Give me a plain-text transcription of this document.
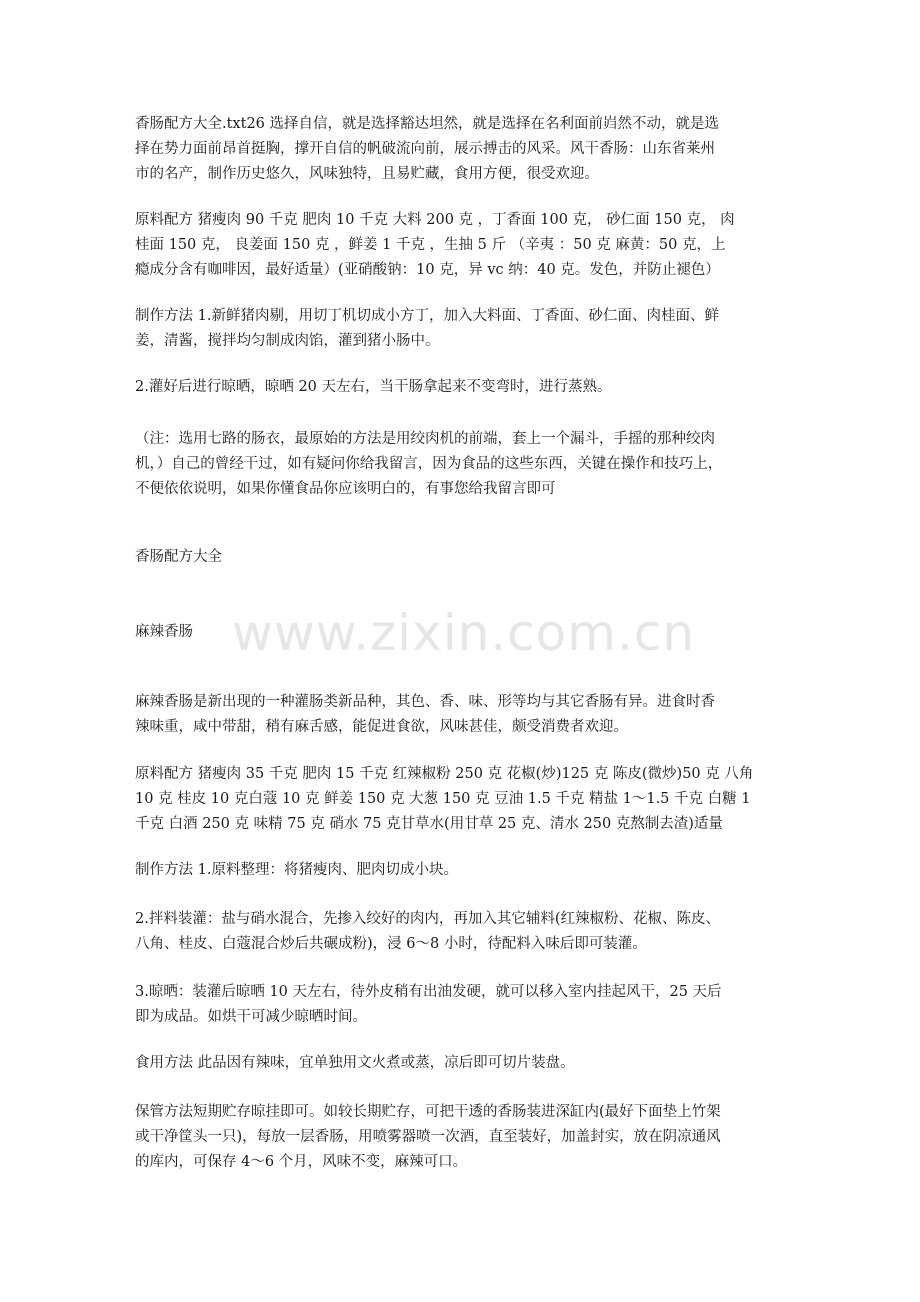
www.zixin.com.cn

香肠配方大全.txt26 选择自信，就是选择豁达坦然，就是选择在名利面前岿然不动，就是选
择在势力面前昂首挺胸，撑开自信的帆破流向前，展示搏击的风采。风干香肠：山东省莱州
市的名产，制作历史悠久，风味独特，且易贮藏，食用方便，很受欢迎。

原料配方 猪瘦肉 90 千克 肥肉 10 千克 大料 200 克 ，丁香面 100 克， 砂仁面 150 克， 肉
桂面 150 克， 良姜面 150 克 ，鲜姜 1 千克 ，生抽 5 斤 （辛夷 ：50 克 麻黄：50 克，上
瘾成分含有咖啡因，最好适量）(亚硝酸钠：10 克，异 vc 纳：40 克。发色，并防止褪色）

制作方法 1.新鲜猪肉剔，用切丁机切成小方丁，加入大料面、丁香面、砂仁面、肉桂面、鲜
姜，清酱，搅拌均匀制成肉馅，灌到猪小肠中。

2.灌好后进行晾晒，晾晒 20 天左右，当干肠拿起来不变弯时，进行蒸熟。

（注：选用七路的肠衣，最原始的方法是用绞肉机的前端，套上一个漏斗，手摇的那种绞肉
机，）自己的曾经干过，如有疑问你给我留言，因为食品的这些东西，关键在操作和技巧上，
不便依依说明，如果你懂食品你应该明白的，有事您给我留言即可

香肠配方大全

麻辣香肠

麻辣香肠是新出现的一种灌肠类新品种，其色、香、味、形等均与其它香肠有异。进食时香
辣味重，咸中带甜，稍有麻舌感，能促进食欲，风味甚佳，颇受消费者欢迎。

原料配方 猪瘦肉 35 千克 肥肉 15 千克 红辣椒粉 250 克 花椒(炒)125 克 陈皮(微炒)50 克 八角
10 克 桂皮 10 克白蔻 10 克 鲜姜 150 克 大葱 150 克 豆油 1.5 千克 精盐 1～1.5 千克 白糖 1
千克 白酒 250 克 味精 75 克 硝水 75 克甘草水(用甘草 25 克、清水 250 克熬制去渣)适量

制作方法 1.原料整理：将猪瘦肉、肥肉切成小块。

2.拌料装灌：盐与硝水混合，先掺入绞好的肉内，再加入其它辅料(红辣椒粉、花椒、陈皮、
八角、桂皮、白蔻混合炒后共碾成粉)，浸 6～8 小时，待配料入味后即可装灌。

3.晾晒：装灌后晾晒 10 天左右，待外皮稍有出油发硬，就可以移入室内挂起风干，25 天后
即为成品。如烘干可减少晾晒时间。

食用方法 此品因有辣味，宜单独用文火煮或蒸，凉后即可切片装盘。

保管方法短期贮存晾挂即可。如较长期贮存，可把干透的香肠装进深缸内(最好下面垫上竹架
或干净筐头一只)，每放一层香肠，用喷雾器喷一次酒，直至装好，加盖封实，放在阴凉通风
的库内，可保存 4～6 个月，风味不变，麻辣可口。
